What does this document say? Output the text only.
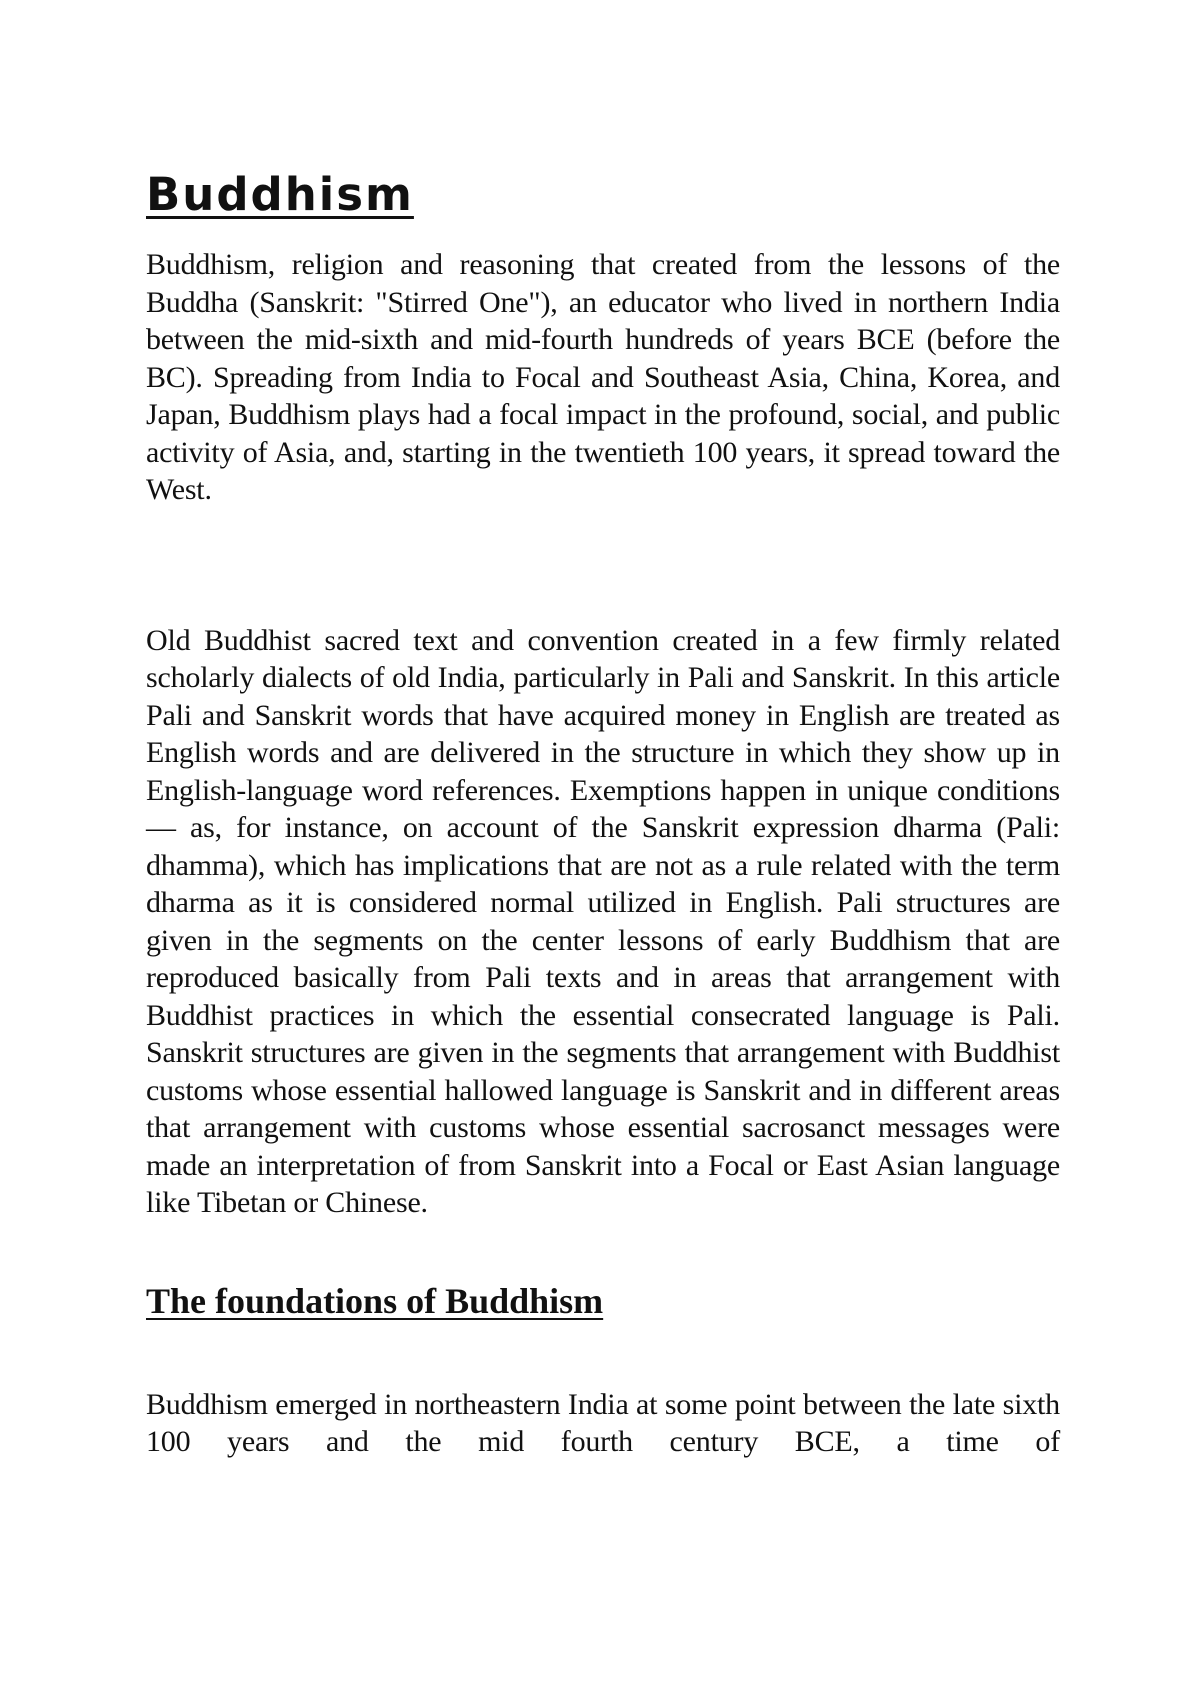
Buddhism

Buddhism, religion and reasoning that created from the lessons of the Buddha (Sanskrit: "Stirred One"), an educator who lived in northern India between the mid-sixth and mid-fourth hundreds of years BCE (before the BC). Spreading from India to Focal and Southeast Asia, China, Korea, and Japan, Buddhism plays had a focal impact in the profound, social, and public activity of Asia, and, starting in the twentieth 100 years, it spread toward the West.

Old Buddhist sacred text and convention created in a few firmly related scholarly dialects of old India, particularly in Pali and Sanskrit. In this article Pali and Sanskrit words that have acquired money in English are treated as English words and are delivered in the structure in which they show up in English-language word references. Exemptions happen in unique conditions — as, for instance, on account of the Sanskrit expression dharma (Pali: dhamma), which has implications that are not as a rule related with the term dharma as it is considered normal utilized in English. Pali structures are given in the segments on the center lessons of early Buddhism that are reproduced basically from Pali texts and in areas that arrangement with Buddhist practices in which the essential consecrated language is Pali. Sanskrit structures are given in the segments that arrangement with Buddhist customs whose essential hallowed language is Sanskrit and in different areas that arrangement with customs whose essential sacrosanct messages were made an interpretation of from Sanskrit into a Focal or East Asian language like Tibetan or Chinese.

The foundations of Buddhism

Buddhism emerged in northeastern India at some point between the late sixth 100 years and the mid fourth century BCE, a time of
